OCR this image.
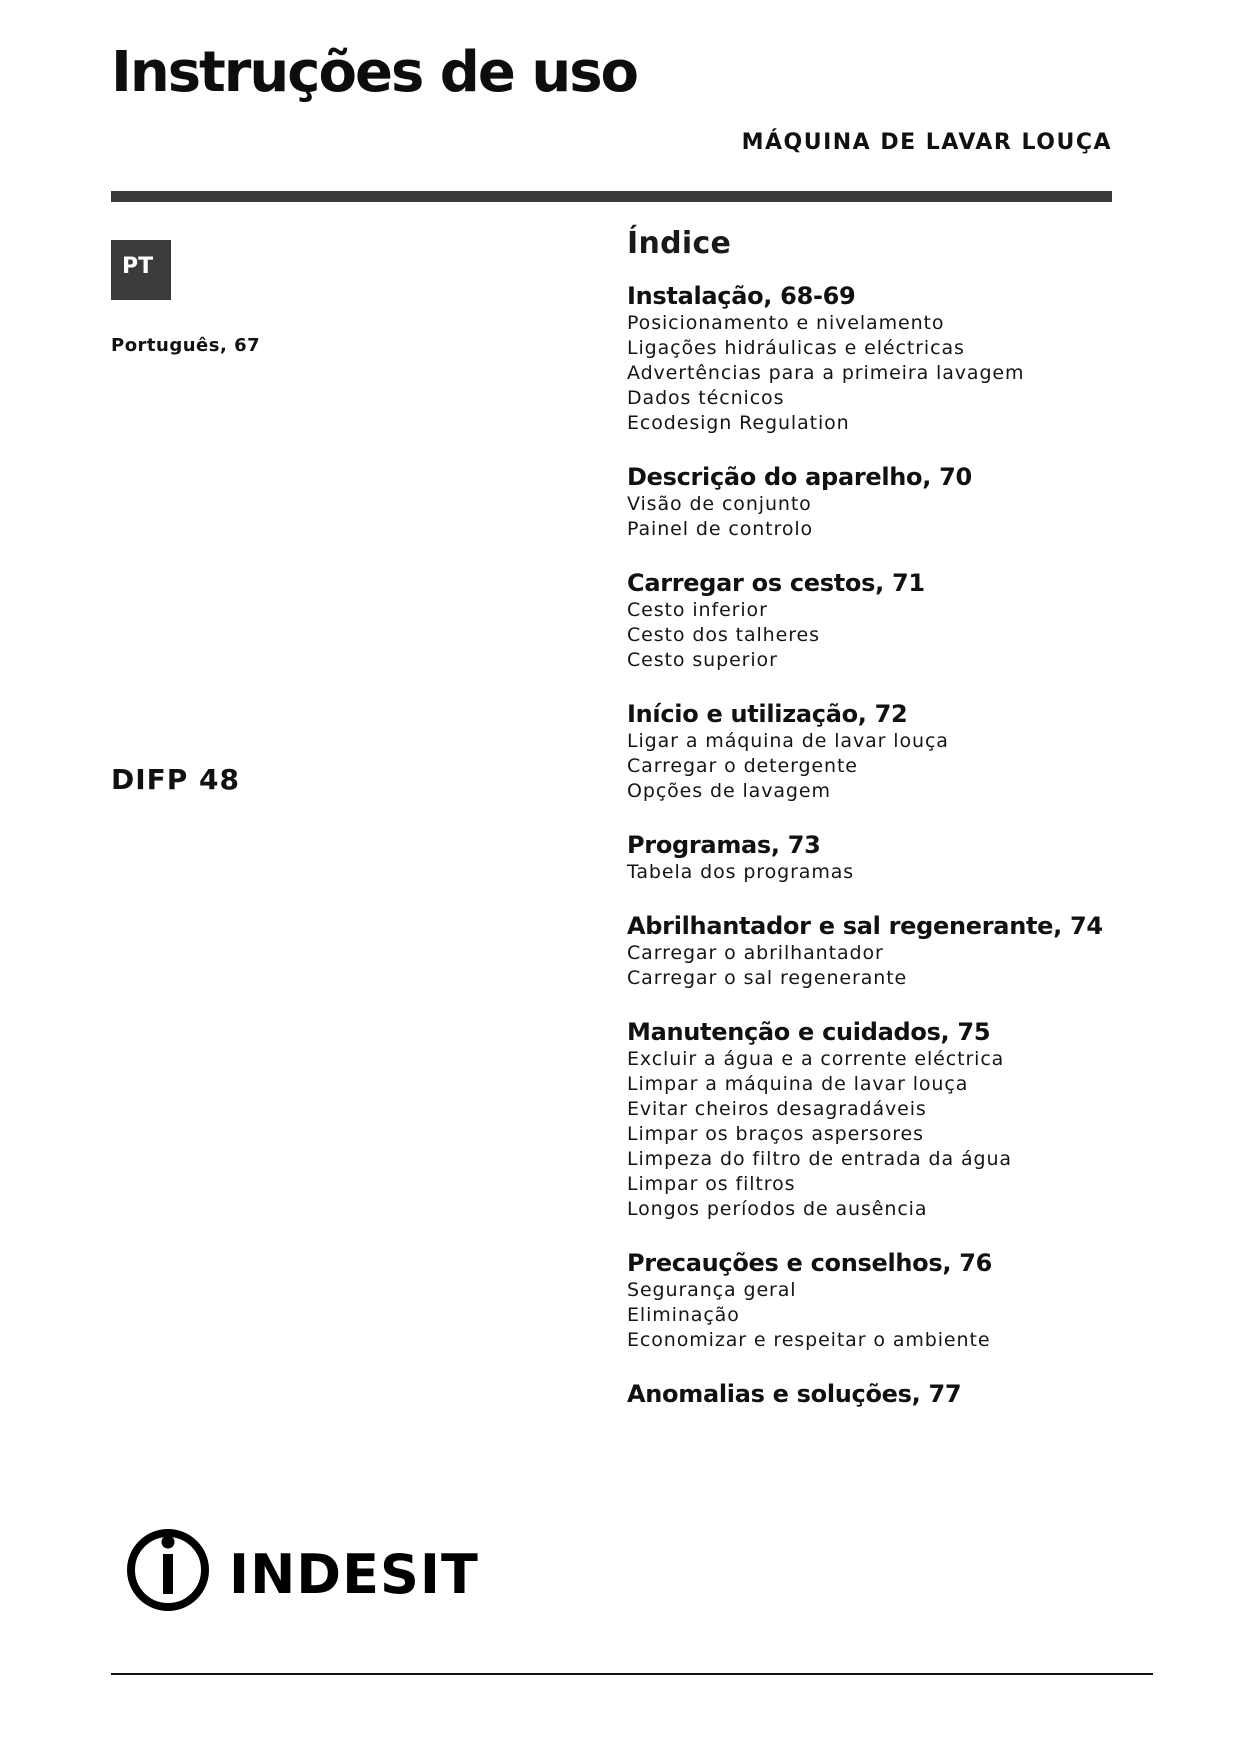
Instruções de uso
MÁQUINA DE LAVAR LOUÇA
PT
Português, 67
DIFP 48
Índice
Instalação, 68-69
Posicionamento e nivelamento
Ligações hidráulicas e eléctricas
Advertências para a primeira lavagem
Dados técnicos
Ecodesign Regulation
Descrição do aparelho, 70
Visão de conjunto
Painel de controlo
Carregar os cestos, 71
Cesto inferior
Cesto dos talheres
Cesto superior
Início e utilização, 72
Ligar a máquina de lavar louça
Carregar o detergente
Opções de lavagem
Programas, 73
Tabela dos programas
Abrilhantador e sal regenerante, 74
Carregar o abrilhantador
Carregar o sal regenerante
Manutenção e cuidados, 75
Excluir a água e a corrente eléctrica
Limpar a máquina de lavar louça
Evitar cheiros desagradáveis
Limpar os braços aspersores
Limpeza do filtro de entrada da água
Limpar os filtros
Longos períodos de ausência
Precauções e conselhos, 76
Segurança geral
Eliminação
Economizar e respeitar o ambiente
Anomalias e soluções, 77
INDESIT
